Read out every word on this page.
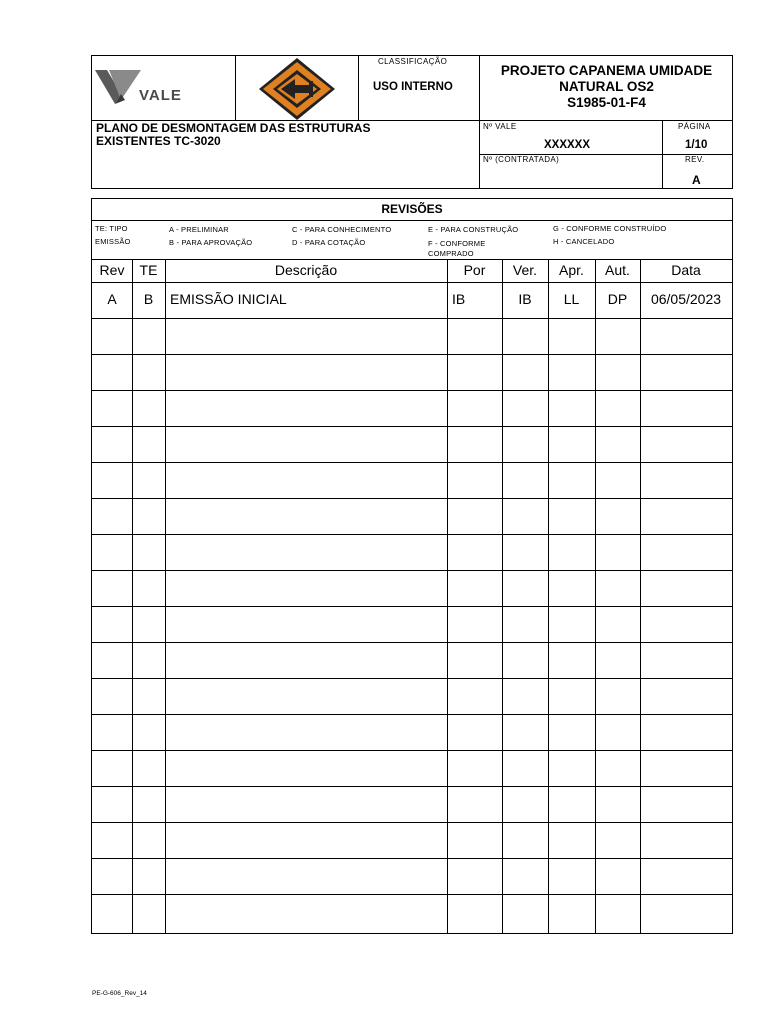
VALE
CLASSIFICAÇÃO
USO INTERNO
PROJETO CAPANEMA UMIDADE
NATURAL OS2
S1985-01-F4
PLANO DE DESMONTAGEM DAS ESTRUTURAS
EXISTENTES TC-3020
Nº VALE
XXXXXX
PÁGINA
1/10
Nº (CONTRATADA)	REV.
A
REVISÕES
TE: TIPO
EMISSÃO
A - PRELIMINAR
B - PARA APROVAÇÃO
C - PARA CONHECIMENTO
D - PARA COTAÇÃO
E - PARA CONSTRUÇÃO
F - CONFORME
COMPRADO
G - CONFORME CONSTRUÍDO
H - CANCELADO
Rev	TE	Descrição	Por	Ver.	Apr.	Aut.	Data
A	B	EMISSÃO INICIAL	IB	IB	LL	DP	06/05/2023
PE-G-606_Rev_14
